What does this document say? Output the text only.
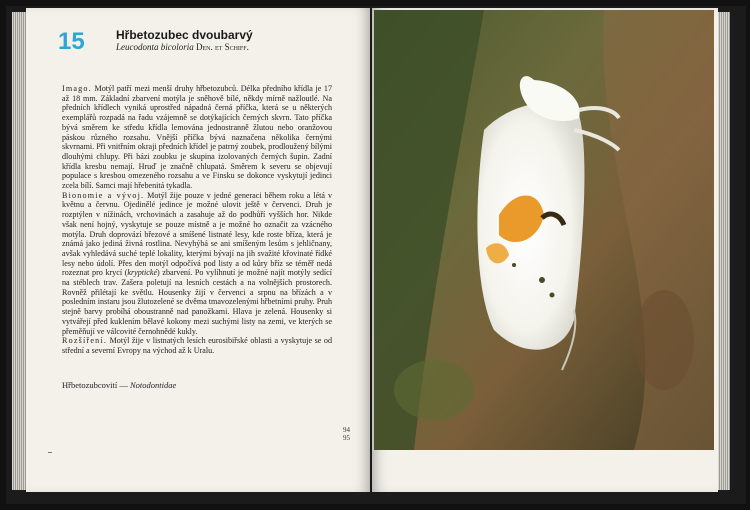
15	Hřbetozubec dvoubarvý
Leucodonta bicoloria Den. et Schiff.

Imago. Motýl patří mezi menší druhy hřbetozubců. Délka předního křídla je 17 až 18 mm. Základní zbarvení motýla je sněhově bílé, někdy mírně nažloutlé. Na předních křídlech vyniká uprostřed nápadná černá příčka, která se u některých exemplářů rozpadá na řadu vzájemně se dotýkajících černých skvrn. Tato příčka bývá směrem ke středu křídla lemována jednostranně žlutou nebo oranžovou páskou různého rozsahu. Vnější příčka bývá naznačena několika černými skvrnami. Při vnitřním okraji předních křídel je patrný zoubek, prodloužený bílými dlouhými chlupy. Při bázi zoubku je skupina izolovaných černých šupin. Zadní křídla kresbu nemají. Hruď je značně chlupatá. Směrem k severu se objevují populace s kresbou omezeného rozsahu a ve Finsku se dokonce vyskytují jedinci zcela bílí. Samci mají hřebenitá tykadla.

Bionomie a vývoj. Motýl žije pouze v jedné generaci během roku a létá v květnu a červnu. Ojedinělé jedince je možné ulovit ještě v červenci. Druh je rozptýlen v nížinách, vrchovinách a zasahuje až do podhůří vyšších hor. Nikde však není hojný, vyskytuje se pouze místně a je možné ho označit za vzácného motýla. Druh doprovází březové a smíšené listnaté lesy, kde roste bříza, která je známá jako jediná živná rostlina. Nevyhýbá se ani smíšeným lesům s jehličnany, avšak vyhledává suché teplé lokality, kterými bývají na jih svažité křovinaté řídké lesy nebo údolí. Přes den motýl odpočívá pod listy a od kůry bříz se téměř nedá rozeznat pro krycí (kryptické) zbarvení. Po vylíhnutí je možné najít motýly sedící na stéblech trav. Zašera poletují na lesních cestách a na volnějších prostorech. Rovněž přilétají ke světlu. Housenky žijí v červenci a srpnu na břízách a v posledním instaru jsou žlutozelené se dvěma tmavozelenými hřbetními pruhy. Pruh stejně barvy probíhá oboustranně nad panožkami. Hlava je zelená. Housenky si vytvářejí před kuklením bělavé kokony mezi suchými listy na zemi, ve kterých se přeměňují ve válcovité černohnědé kukly.

Rozšíření. Motýl žije v listnatých lesích eurosibiřské oblasti a vyskytuje se od střední a severní Evropy na východ až k Uralu.

Hřbetozubcovití — Notodontidae
94
95
